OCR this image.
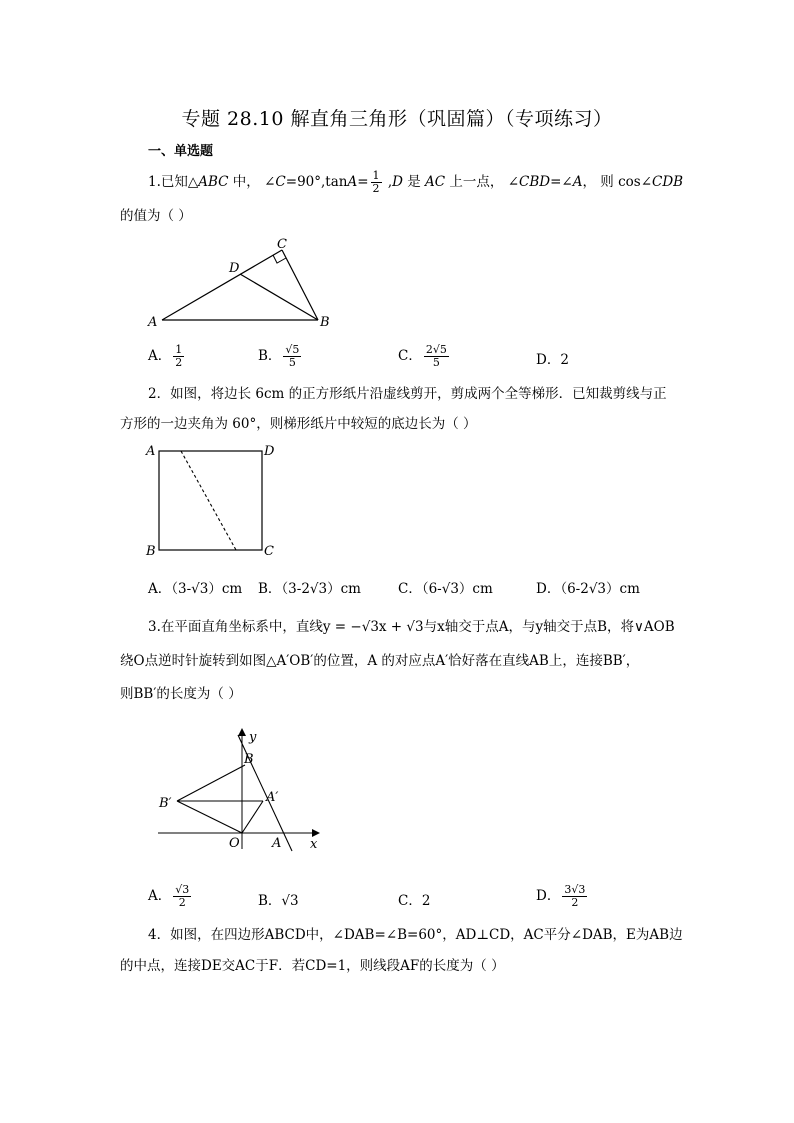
专题 28.10 解直角三角形（巩固篇）（专项练习）
一、单选题
1.已知△ABC 中， ∠C=90°,tanA= $\frac{1}{2} ,D$ 是 AC 上一点， ∠CBD=∠A， 则 cos∠CDB
的值为（ ）
A	B
C
D
A． $\frac{1}{2}$	B． $\frac{√5}{5}$	C． $\frac{2√5}{5}$	D．2
2．如图，将边长 6cm 的正方形纸片沿虚线剪开，剪成两个全等梯形．已知裁剪线与正
方形的一边夹角为 60°，则梯形纸片中较短的底边长为（ ）
A	D
B	C
A．（3-√3）cm B．（3-2√3）cm	C．（6-√3）cm	D．（6-2√3）cm
3.在平面直角坐标系中，直线y = −√3x + √3与x轴交于点A，与y轴交于点B，将∨AOB
绕O点逆时针旋转到如图△A′OB′的位置，A 的对应点A′恰好落在直线AB上，连接BB′，
则BB′的长度为（ ）
y
x
O A
B
A′
B′
A． $\frac{√3}{2}$	B．√3	C．2	D． $\frac{3√3}{2}$
4．如图，在四边形ABCD中，∠DAB=∠B=60°，AD⊥CD，AC平分∠DAB，E为AB边
的中点，连接DE交AC于F．若CD=1，则线段AF的长度为（ ）
